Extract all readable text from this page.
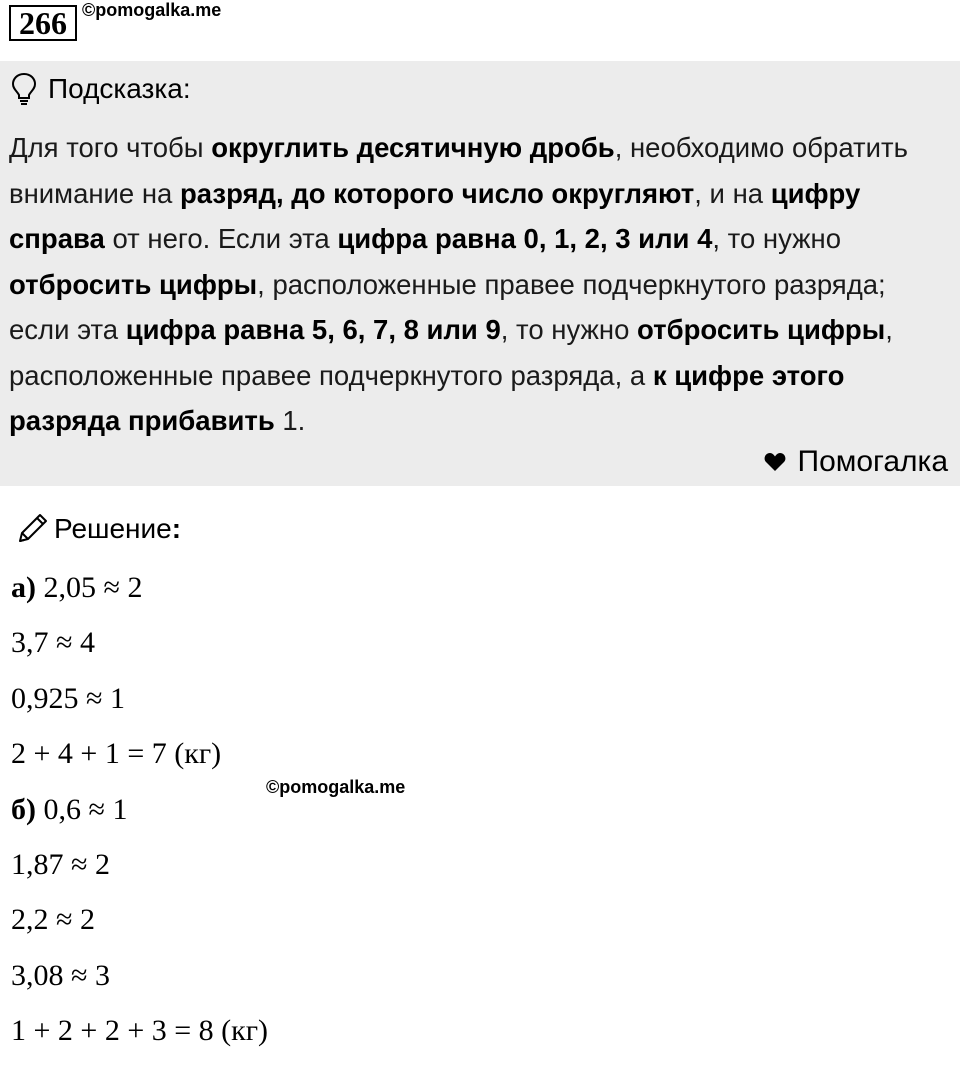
266 ©pomogalka.me
Подсказка:
Для того чтобы округлить десятичную дробь, необходимо обратить внимание на разряд, до которого число округляют, и на цифру справа от него. Если эта цифра равна 0, 1, 2, 3 или 4, то нужно отбросить цифры, расположенные правее подчеркнутого разряда; если эта цифра равна 5, 6, 7, 8 или 9, то нужно отбросить цифры, расположенные правее подчеркнутого разряда, а к цифре этого разряда прибавить 1.
Помогалка
Решение:
©pomogalka.me
а) 2,05 ≈ 2
3,7 ≈ 4
0,925 ≈ 1
2 + 4 + 1 = 7 (кг)
б) 0,6 ≈ 1
1,87 ≈ 2
2,2 ≈ 2
3,08 ≈ 3
1 + 2 + 2 + 3 = 8 (кг)
